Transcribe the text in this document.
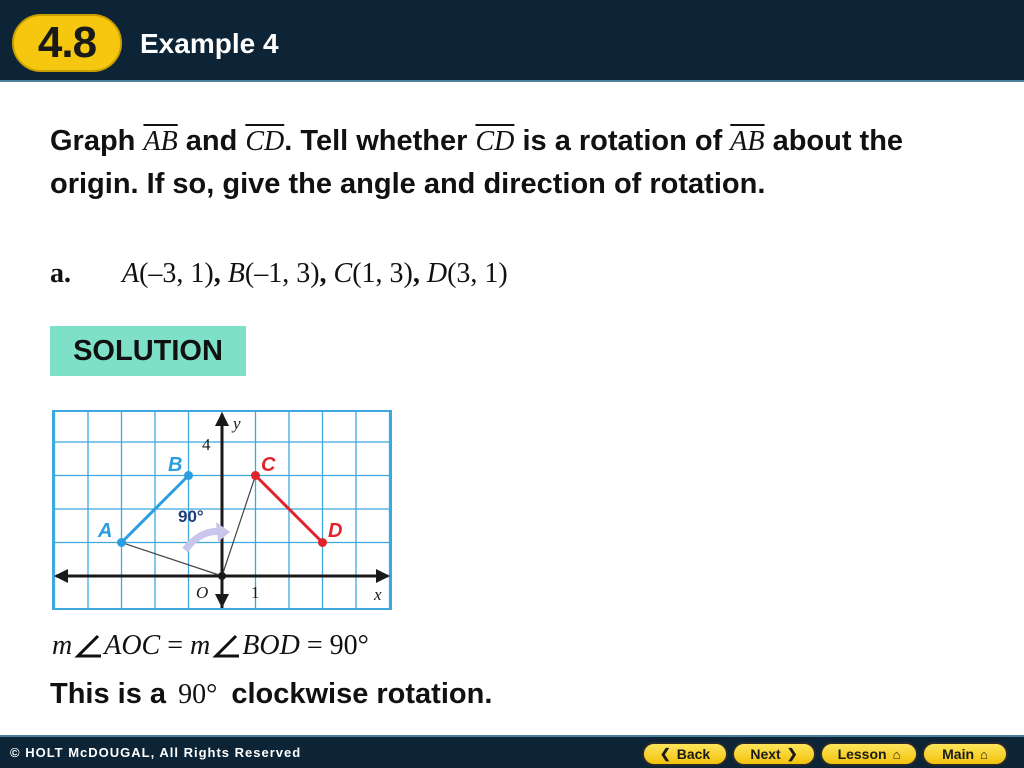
4.8 Example 4
Graph $\overline{AB}$ and $\overline{CD}$. Tell whether $\overline{CD}$ is a rotation of $\overline{AB}$ about the origin. If so, give the angle and direction of rotation.
a. A(–3, 1), B(–1, 3), C(1, 3), D(3, 1)
SOLUTION
A
B	C
D
90°
y
4
O	1	x
m AOC = m BOD = 90°
This is a 90° clockwise rotation.
© HOLT McDOUGAL, All Rights Reserved	❮ Back	Next ❯	Lesson ⌂	Main ⌂
